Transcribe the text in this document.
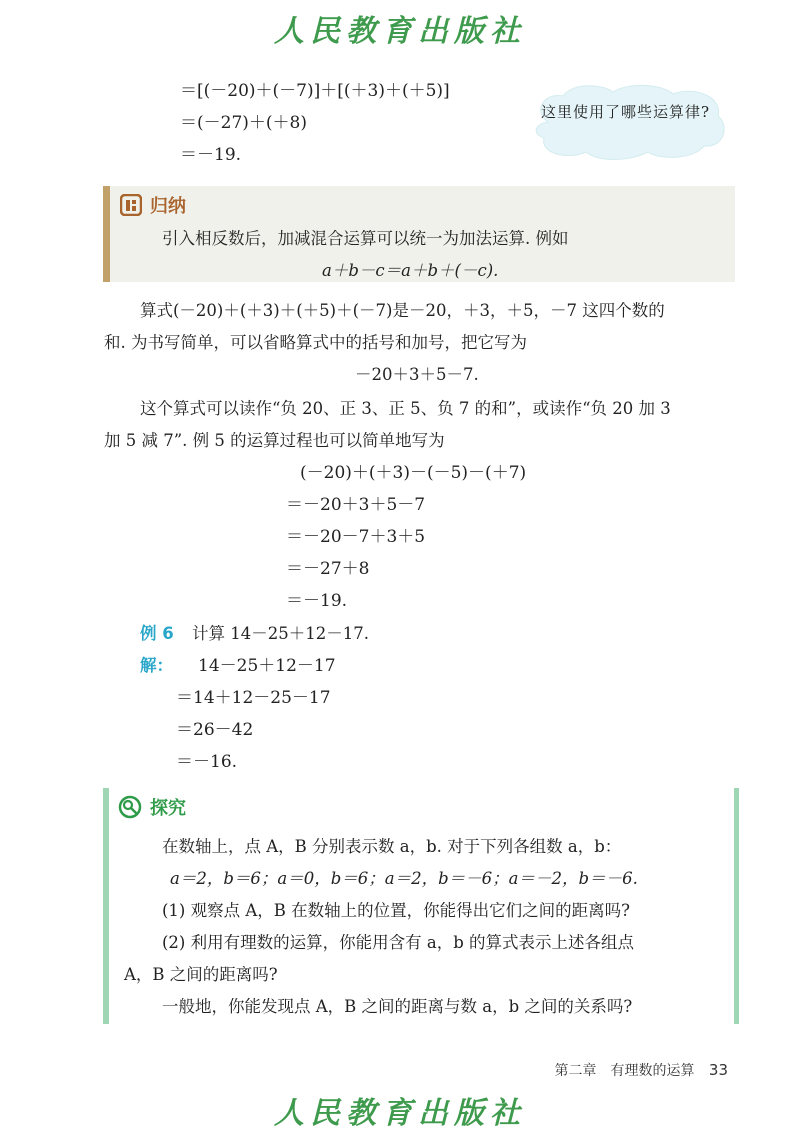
人民教育出版社
＝[(－20)＋(－7)]＋[(＋3)＋(＋5)]
＝(－27)＋(＋8)
＝－19.
这里使用了哪些运算律?
归纳
引入相反数后，加减混合运算可以统一为加法运算. 例如
a＋b－c＝a＋b＋(－c).
算式(－20)＋(＋3)＋(＋5)＋(－7)是－20，＋3，＋5，－7 这四个数的
和. 为书写简单，可以省略算式中的括号和加号，把它写为
－20＋3＋5－7.
这个算式可以读作“负 20、正 3、正 5、负 7 的和”，或读作“负 20 加 3
加 5 减 7”. 例 5 的运算过程也可以简单地写为
(－20)＋(＋3)－(－5)－(＋7)
＝－20＋3＋5－7
＝－20－7＋3＋5
＝－27＋8
＝－19.
例 6 计算 14－25＋12－17.
解： 14－25＋12－17
＝14＋12－25－17
＝26－42
＝－16.
探究
在数轴上，点 A，B 分别表示数 a，b. 对于下列各组数 a，b：
a＝2，b＝6；a＝0，b＝6；a＝2，b＝－6；a＝－2，b＝－6.
(1) 观察点 A，B 在数轴上的位置，你能得出它们之间的距离吗?
(2) 利用有理数的运算，你能用含有 a，b 的算式表示上述各组点
A，B 之间的距离吗?
一般地，你能发现点 A，B 之间的距离与数 a，b 之间的关系吗?
第二章　有理数的运算 33
人民教育出版社
